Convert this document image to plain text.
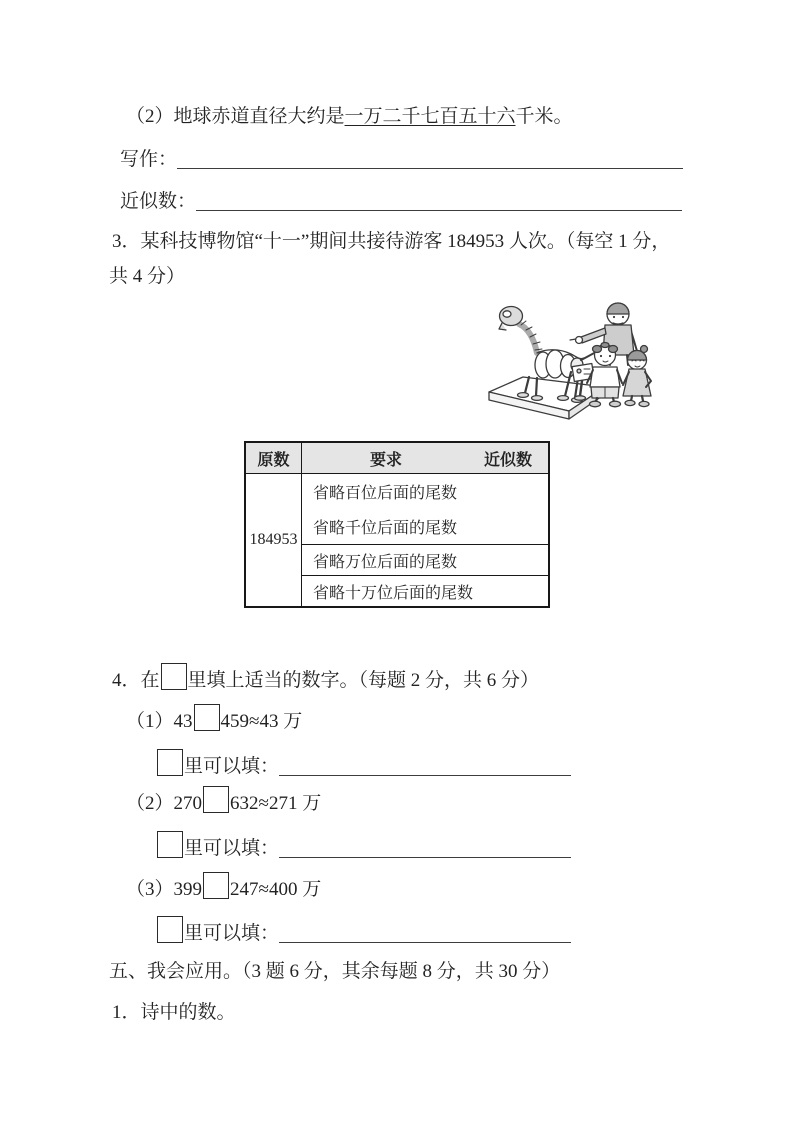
（2）地球赤道直径大约是一万二千七百五十六千米。
写作：
近似数：
3．某科技博物馆“十一”期间共接待游客 184953 人次。（每空 1 分，
共 4 分）
原数	要求 近似数

184953	省略百位后面的尾数
	省略千位后面的尾数
	省略万位后面的尾数
	省略十万位后面的尾数
4．在 里填上适当的数字。（每题 2 分，共 6 分）
（1）43 459≈43 万
里可以填：
（2）270 632≈271 万
里可以填：
（3）399 247≈400 万
里可以填：
五、我会应用。（3 题 6 分，其余每题 8 分，共 30 分）
1．诗中的数。
